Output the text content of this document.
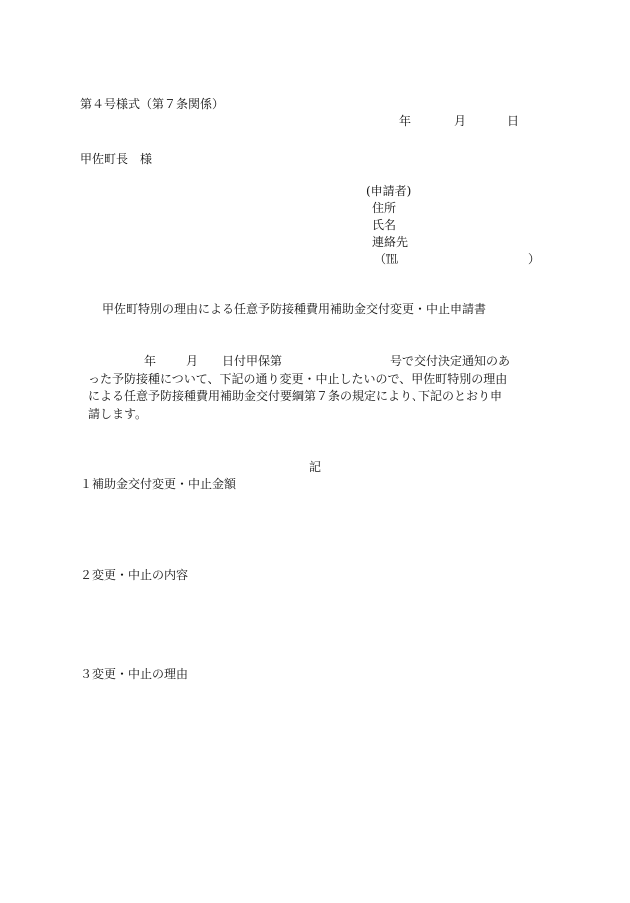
第４号様式（第７条関係）
年	月	日
甲佐町長　様
(申請者)
住所
氏名
連絡先
（℡	）
甲佐町特別の理由による任意予防接種費用補助金交付変更・中止申請書
年	月 日付甲保第	号で交付決定通知のあ
った予防接種について、下記の通り変更・中止したいので、甲佐町特別の理由
による任意予防接種費用補助金交付要綱第７条の規定により､下記のとおり申
請します。
記
１補助金交付変更・中止金額
２変更・中止の内容
３変更・中止の理由
